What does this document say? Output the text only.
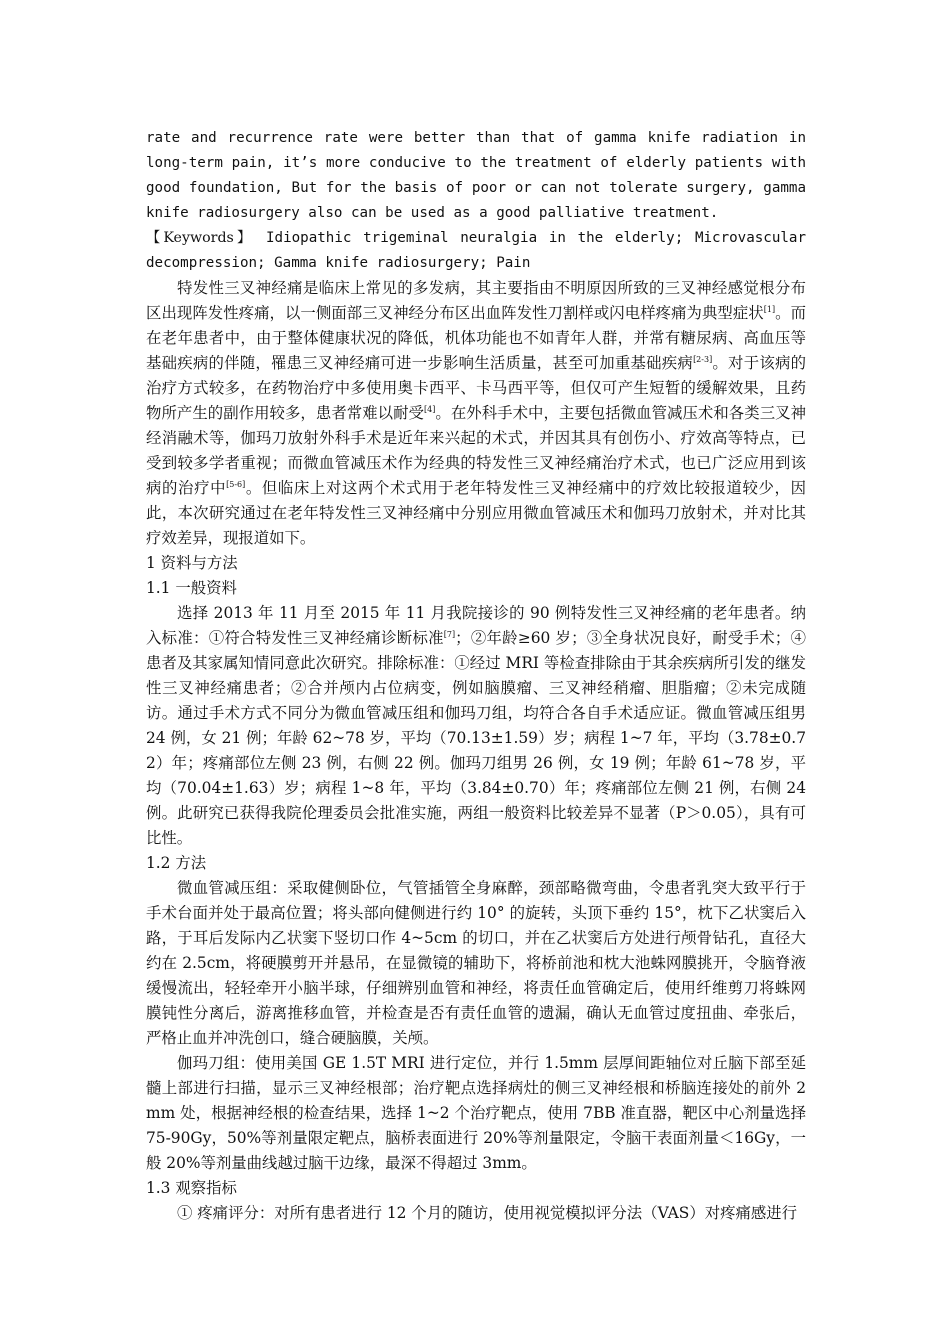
rate and recurrence rate were better than that of gamma knife radiation in
long-term pain, it’s more conducive to the treatment of elderly patients with
good foundation, But for the basis of poor or can not tolerate surgery, gamma
knife radiosurgery also can be used as a good palliative treatment.
【Keywords】 Idiopathic trigeminal neuralgia in the elderly; Microvascular
decompression; Gamma knife radiosurgery; Pain

特发性三叉神经痛是临床上常见的多发病，其主要指由不明原因所致的三叉神经感觉根分布区出现阵发性疼痛，以一侧面部三叉神经分布区出血阵发性刀割样或闪电样疼痛为典型症状[1]。而在老年患者中，由于整体健康状况的降低，机体功能也不如青年人群，并常有糖尿病、高血压等基础疾病的伴随，罹患三叉神经痛可进一步影响生活质量，甚至可加重基础疾病[2-3]。对于该病的治疗方式较多，在药物治疗中多使用奥卡西平、卡马西平等，但仅可产生短暂的缓解效果，且药物所产生的副作用较多，患者常难以耐受[4]。在外科手术中，主要包括微血管减压术和各类三叉神经消融术等，伽玛刀放射外科手术是近年来兴起的术式，并因其具有创伤小、疗效高等特点，已受到较多学者重视；而微血管减压术作为经典的特发性三叉神经痛治疗术式，也已广泛应用到该病的治疗中[5-6]。但临床上对这两个术式用于老年特发性三叉神经痛中的疗效比较报道较少，因此，本次研究通过在老年特发性三叉神经痛中分别应用微血管减压术和伽玛刀放射术，并对比其疗效差异，现报道如下。

1 资料与方法
1.1 一般资料

选择 2013 年 11 月至 2015 年 11 月我院接诊的 90 例特发性三叉神经痛的老年患者。纳入标准：①符合特发性三叉神经痛诊断标准[7]；②年龄≥60 岁；③全身状况良好，耐受手术；④患者及其家属知情同意此次研究。排除标准：①经过 MRI 等检查排除由于其余疾病所引发的继发性三叉神经痛患者；②合并颅内占位病变，例如脑膜瘤、三叉神经稍瘤、胆脂瘤；②未完成随访。通过手术方式不同分为微血管减压组和伽玛刀组，均符合各自手术适应证。微血管减压组男 24 例，女 21 例；年龄 62~78 岁，平均（70.13±1.59）岁；病程 1~7 年，平均（3.78±0.72）年；疼痛部位左侧 23 例，右侧 22 例。伽玛刀组男 26 例，女 19 例；年龄 61~78 岁，平均（70.04±1.63）岁；病程 1~8 年，平均（3.84±0.70）年；疼痛部位左侧 21 例，右侧 24 例。此研究已获得我院伦理委员会批准实施，两组一般资料比较差异不显著（P＞0.05），具有可比性。

1.2 方法

微血管减压组：采取健侧卧位，气管插管全身麻醉，颈部略微弯曲，令患者乳突大致平行于手术台面并处于最高位置；将头部向健侧进行约 10° 的旋转，头顶下垂约 15°，枕下乙状窦后入路，于耳后发际内乙状窦下竖切口作 4~5cm 的切口，并在乙状窦后方处进行颅骨钻孔，直径大约在 2.5cm，将硬膜剪开并悬吊，在显微镜的辅助下，将桥前池和枕大池蛛网膜挑开，令脑脊液缓慢流出，轻轻牵开小脑半球，仔细辨别血管和神经，将责任血管确定后，使用纤维剪刀将蛛网膜钝性分离后，游离推移血管，并检查是否有责任血管的遗漏，确认无血管过度扭曲、牵张后，严格止血并冲洗创口，缝合硬脑膜，关颅。

伽玛刀组：使用美国 GE 1.5T MRI 进行定位，并行 1.5mm 层厚间距轴位对丘脑下部至延髓上部进行扫描，显示三叉神经根部；治疗靶点选择病灶的侧三叉神经根和桥脑连接处的前外 2 mm 处，根据神经根的检查结果，选择 1~2 个治疗靶点，使用 7BB 准直器，靶区中心剂量选择 75-90Gy，50%等剂量限定靶点，脑桥表面进行 20%等剂量限定，令脑干表面剂量＜16Gy，一般 20%等剂量曲线越过脑干边缘，最深不得超过 3mm。

1.3 观察指标

① 疼痛评分：对所有患者进行 12 个月的随访，使用视觉模拟评分法（VAS）对疼痛感进行
